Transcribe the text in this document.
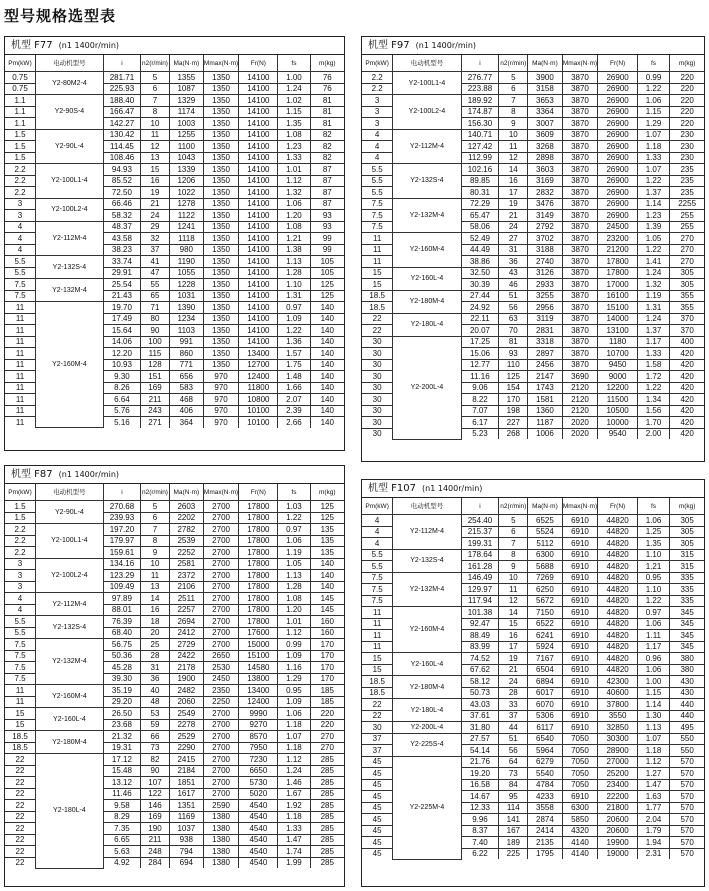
型号规格选型表
机型 F77 (n1 1400r/min)
Pm(kW)	电动机型号	i	n2(r/min)	Ma(N·m)	Mmax(N·m)	Fr(N)	fs	m(kg)
0.75	Y2-80M2-4	281.71	5	1355	1350	14100	1.00	76
0.75		225.93	6	1087	1350	14100	1.24	76
1.1	Y2-90S-4	188.40	7	1329	1350	14100	1.02	81
1.1		166.47	8	1174	1350	14100	1.15	81
1.1		142.27	10	1003	1350	14100	1.35	81
1.5	Y2-90L-4	130.42	11	1255	1350	14100	1.08	82
1.5		114.45	12	1100	1350	14100	1.23	82
1.5		108.46	13	1043	1350	14100	1.33	82
2.2	Y2-100L1-4	94.93	15	1339	1350	14100	1.01	87
2.2		85.52	16	1206	1350	14100	1.12	87
2.2		72.50	19	1022	1350	14100	1.32	87
3	Y2-100L2-4	66.46	21	1278	1350	14100	1.06	87
3		58.32	24	1122	1350	14100	1.20	93
4	Y2-112M-4	48.37	29	1241	1350	14100	1.08	93
4		43.58	32	1118	1350	14100	1.21	99
4		38.23	37	980	1350	14100	1.38	99
5.5	Y2-132S-4	33.74	41	1190	1350	14100	1.13	105
5.5		29.91	47	1055	1350	14100	1.28	105
7.5	Y2-132M-4	25.54	55	1228	1350	14100	1.10	125
7.5		21.43	65	1031	1350	14100	1.31	125
11	Y2-160M-4	19.70	71	1390	1350	14100	0.97	140
11		17.49	80	1234	1350	14100	1.09	140
11		15.64	90	1103	1350	14100	1.22	140
11		14.06	100	991	1350	14100	1.36	140
11		12.20	115	860	1350	13400	1.57	140
11		10.93	128	771	1350	12700	1.75	140
11		9.30	151	656	970	12400	1.48	140
11		8.26	169	583	970	11800	1.66	140
11		6.64	211	468	970	10800	2.07	140
11		5.76	243	406	970	10100	2.39	140
11		5.16	271	364	970	10100	2.66	140
机型 F97 (n1 1400r/min)
Pm(kW)	电动机型号	i	n2(r/min)	Ma(N·m)	Mmax(N·m)	Fr(N)	fs	m(kg)
2.2	Y2-100L1-4	276.77	5	3900	3870	26900	0.99	220
2.2		223.88	6	3158	3870	26900	1.22	220
3	Y2-100L2-4	189.92	7	3653	3870	26900	1.06	220
3		174.87	8	3364	3870	26900	1.15	220
3		156.30	9	3007	3870	26900	1.29	220
4	Y2-112M-4	140.71	10	3609	3870	26900	1.07	230
4		127.42	11	3268	3870	26900	1.18	230
4		112.99	12	2898	3870	26900	1.33	230
5.5	Y2-132S-4	102.16	14	3603	3870	26900	1.07	235
5.5		89.85	16	3169	3870	26900	1.22	235
5.5		80.31	17	2832	3870	26900	1.37	235
7.5	Y2-132M-4	72.29	19	3476	3870	26900	1.14	2255
7.5		65.47	21	3149	3870	26900	1.23	255
7.5		58.06	24	2792	3870	24500	1.39	255
11	Y2-160M-4	52.49	27	3702	3870	23200	1.05	270
11		44.49	31	3188	3870	21200	1.22	270
11		38.86	36	2740	3870	17800	1.41	270
15	Y2-160L-4	32.50	43	3126	3870	17800	1.24	305
15		30.39	46	2933	3870	17000	1.32	305
18.5	Y2-180M-4	27.44	51	3255	3870	16100	1.19	355
18.5		24.92	56	2956	3870	15100	1.31	355
22	Y2-180L-4	22.11	63	3119	3870	14000	1.24	370
22		20.07	70	2831	3870	13100	1.37	370
30	Y2-200L-4	17.25	81	3318	3870	1180	1.17	400
30		15.06	93	2897	3870	10700	1.33	420
30		12.77	110	2456	3870	9450	1.58	420
30		11.16	125	2147	3690	9000	1.72	420
30		9.06	154	1743	2120	12200	1.22	420
30		8.22	170	1581	2120	11500	1.34	420
30		7.07	198	1360	2120	10500	1.56	420
30		6.17	227	1187	2020	10000	1.70	420
30		5.23	268	1006	2020	9540	2.00	420
机型 F87 (n1 1400r/min)
Pm(kW)	电动机型号	i	n2(r/min)	Ma(N·m)	Mmax(N·m)	Fr(N)	fs	m(kg)
1.5	Y2-90L-4	270.68	5	2603	2700	17800	1.03	125
1.5		239.93	6	2202	2700	17800	1.22	125
2.2	Y2-100L1-4	197.20	7	2782	2700	17800	0.97	135
2.2		179.97	8	2539	2700	17800	1.06	135
2.2		159.61	9	2252	2700	17800	1.19	135
3	Y2-100L2-4	134.16	10	2581	2700	17800	1.05	140
3		123.29	11	2372	2700	17800	1.13	140
3		109.49	13	2106	2700	17800	1.28	140
4	Y2-112M-4	97.89	14	2511	2700	17800	1.08	145
4		88.01	16	2257	2700	17800	1.20	145
5.5	Y2-132S-4	76.39	18	2694	2700	17800	1.01	160
5.5		68.40	20	2412	2700	17600	1.12	160
7.5	Y2-132M-4	56.75	25	2729	2700	15000	0.99	170
7.5		50.36	28	2422	2650	15100	1.09	170
7.5		45.28	31	2178	2530	14580	1.16	170
7.5		39.30	36	1900	2450	13800	1.29	170
11	Y2-160M-4	35.19	40	2482	2350	13400	0.95	185
11		29.20	48	2060	2250	12400	1.09	185
15	Y2-160L-4	26.50	53	2549	2700	9990	1.06	220
15		23.68	59	2278	2700	9270	1.18	220
18.5	Y2-180M-4	21.32	66	2529	2700	8570	1.07	270
18.5		19.31	73	2290	2700	7950	1.18	270
22	Y2-180L-4	17.12	82	2415	2700	7230	1.12	285
22		15.48	90	2184	2700	6650	1.24	285
22		13.12	107	1851	2700	5730	1.46	285
22		11.46	122	1617	2700	5020	1.67	285
22		9.58	146	1351	2590	4540	1.92	285
22		8.29	169	1169	1380	4540	1.18	285
22		7.35	190	1037	1380	4540	1.33	285
22		6.65	211	938	1380	4540	1.47	285
22		5.63	248	794	1380	4540	1.74	285
22		4.92	284	694	1380	4540	1.99	285
机型 F107 (n1 1400r/min)
Pm(kW)	电动机型号	i	n2(r/min)	Ma(N·m)	Mmax(N·m)	Fr(N)	fs	m(kg)
4	Y2-112M-4	254.40	5	6525	6910	44820	1.06	305
4		215.37	6	5524	6910	44820	1.25	305
4		199.31	7	5112	6910	44820	1.35	305
5.5	Y2-132S-4	178.64	8	6300	6910	44820	1.10	315
5.5		161.28	9	5688	6910	44820	1.21	315
7.5	Y2-132M-4	146.49	10	7269	6910	44820	0.95	335
7.5		129.97	11	6250	6910	44820	1.10	335
7.5		117.94	12	5672	6910	44820	1.22	335
11	Y2-160M-4	101.38	14	7150	6910	44820	0.97	345
11		92.47	15	6522	6910	44820	1.06	345
11		88.49	16	6241	6910	44820	1.11	345
11		83.99	17	5924	6910	44820	1.17	345
15	Y2-160L-4	74.52	19	7167	6910	44820	0.96	380
15		67.62	21	6504	6910	44820	1.06	380
18.5	Y2-180M-4	58.12	24	6894	6910	42300	1.00	430
18.5		50.73	28	6017	6910	40600	1.15	430
22	Y2-180L-4	43.03	33	6070	6910	37800	1.14	440
22		37.61	37	5306	6910	3550	1.30	440
30	Y2-200L-4	31.80	44	6117	6910	32850	1.13	495
37	Y2-225S-4	27.57	51	6540	7050	30300	1.07	550
37		54.14	56	5964	7050	28900	1.18	550
45	Y2-225M-4	21.76	64	6279	7050	27000	1.12	570
45		19.20	73	5540	7050	25200	1.27	570
45		16.58	84	4784	7050	23400	1.47	570
45		14.67	95	4233	6910	22200	1.63	570
45		12.33	114	3558	6300	21800	1.77	570
45		9.96	141	2874	5850	20600	2.04	570
45		8.37	167	2414	4320	20600	1.79	570
45		7.40	189	2135	4140	19900	1.94	570
45		6.22	225	1795	4140	19000	2.31	570
